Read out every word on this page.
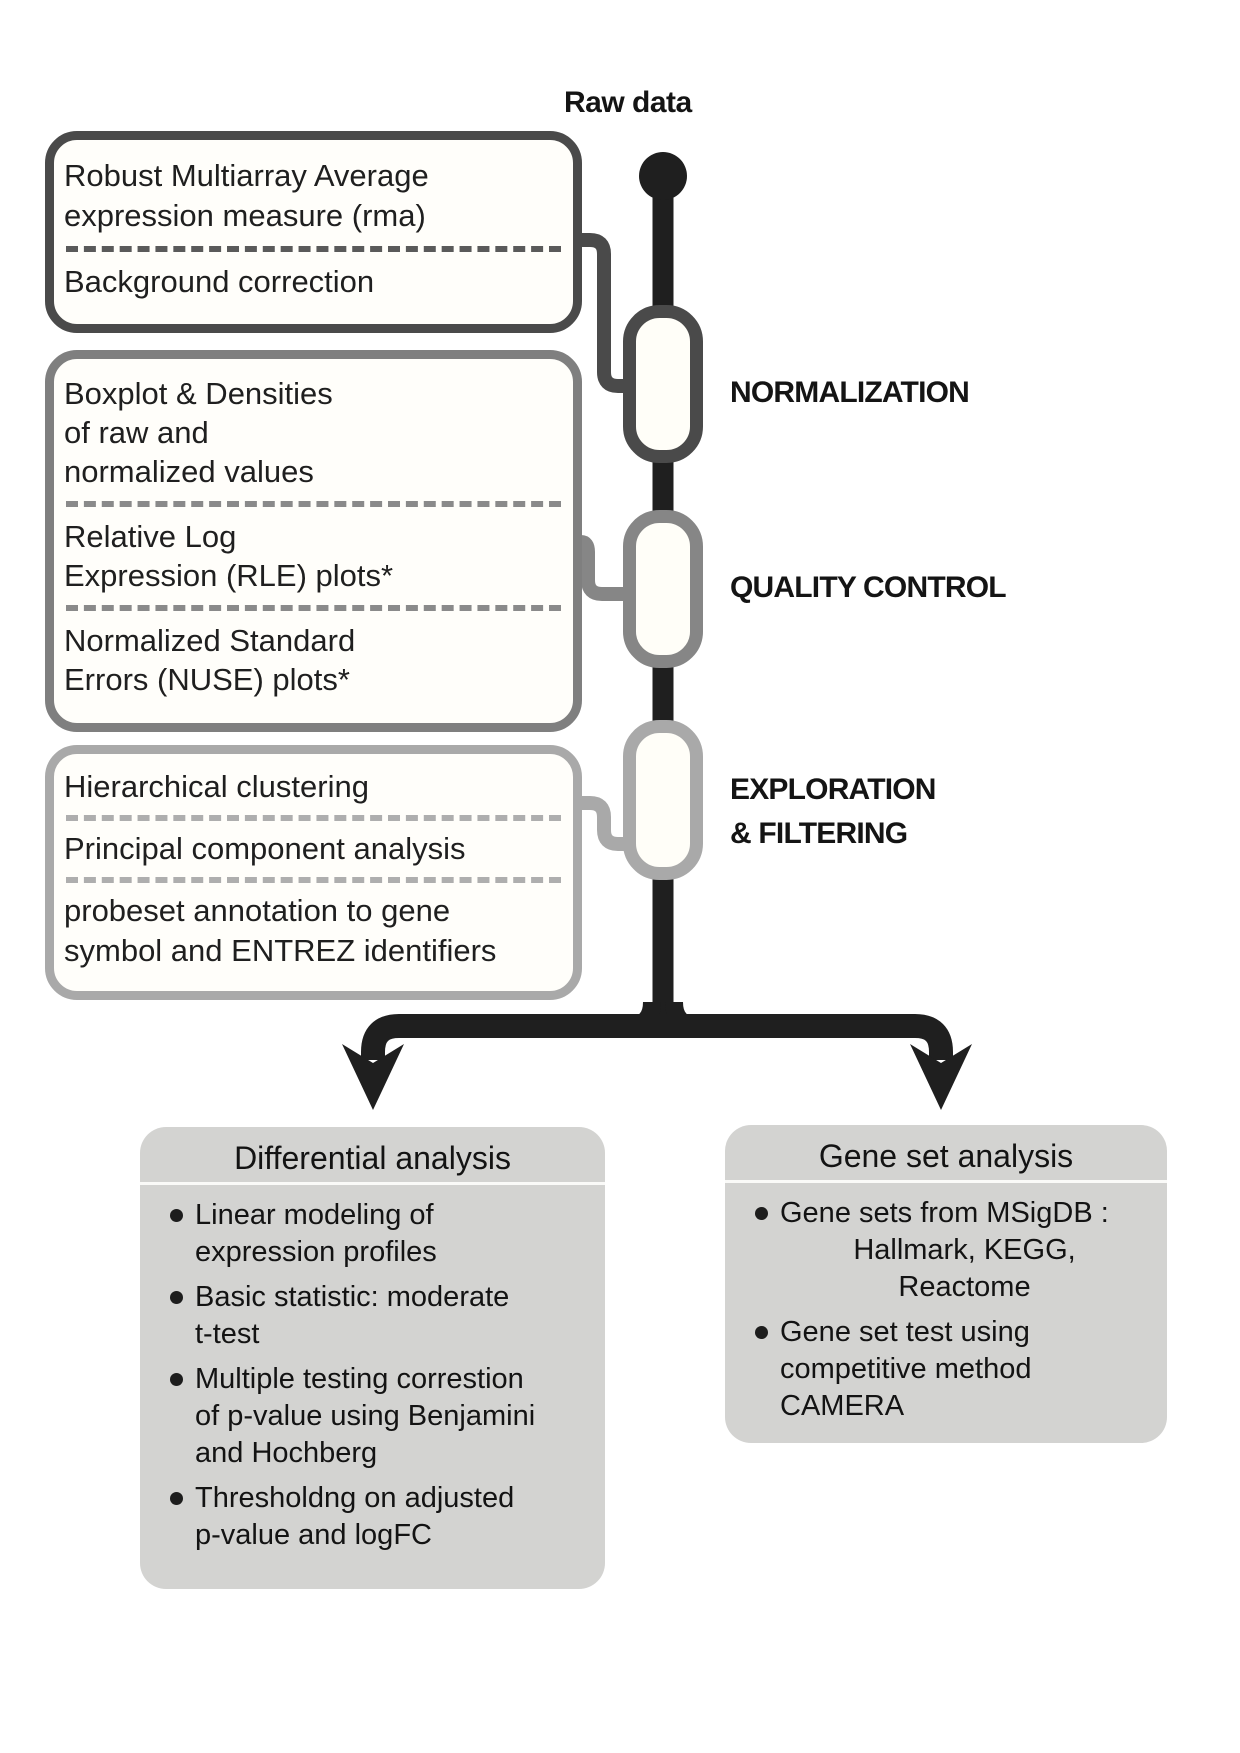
Raw data
Robust Multiarray Average
expression measure (rma)
Background correction
Boxplot & Densities
of raw and
normalized values
Relative Log
Expression (RLE) plots*
Normalized Standard
Errors (NUSE) plots*
Hierarchical clustering
Principal component analysis
probeset annotation to gene
symbol and ENTREZ identifiers
NORMALIZATION
QUALITY CONTROL
EXPLORATION
& FILTERING
Differential analysis
Linear modeling of
expression profiles
Basic statistic: moderate
t-test
Multiple testing correstion
of p-value using Benjamini
and Hochberg
Thresholdng on adjusted
p-value and logFC
Gene set analysis
Gene sets from MSigDB :
Hallmark, KEGG,
Reactome
Gene set test using
competitive method
CAMERA
